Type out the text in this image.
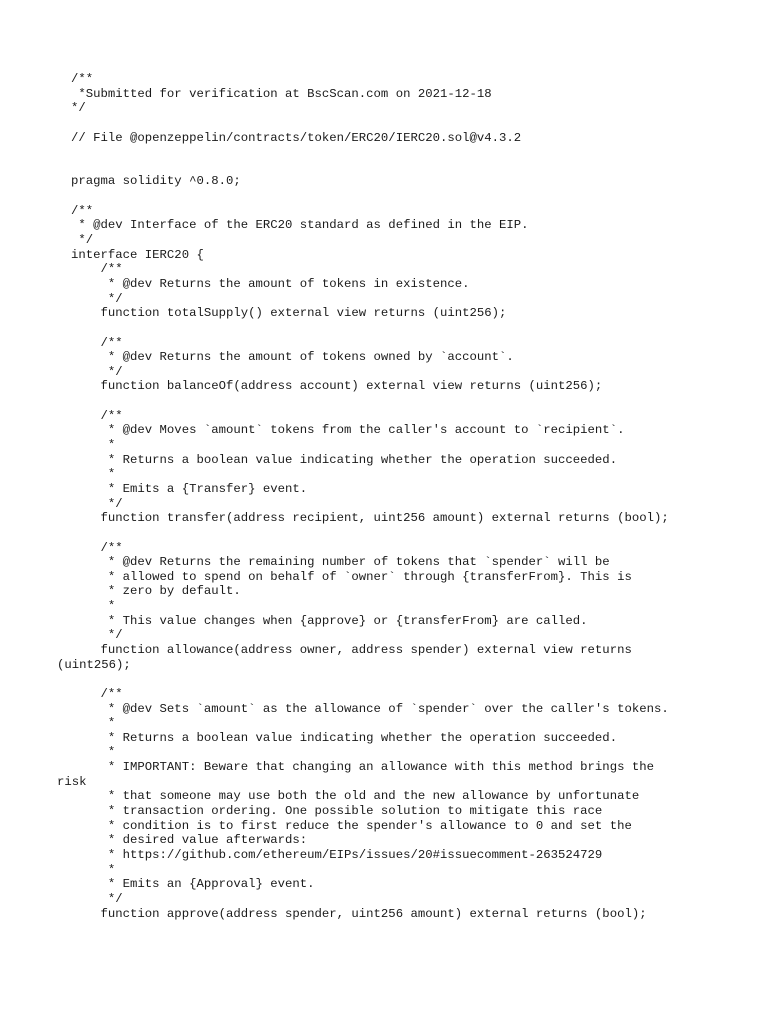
/**
*Submitted for verification at BscScan.com on 2021-12-18
*/
// File @openzeppelin/contracts/token/ERC20/IERC20.sol@v4.3.2
pragma solidity ^0.8.0;
/**
* @dev Interface of the ERC20 standard as defined in the EIP.
*/
interface IERC20 {
/**
* @dev Returns the amount of tokens in existence.
*/
function totalSupply() external view returns (uint256);
/**
* @dev Returns the amount of tokens owned by `account`.
*/
function balanceOf(address account) external view returns (uint256);
/**
* @dev Moves `amount` tokens from the caller's account to `recipient`.
*
* Returns a boolean value indicating whether the operation succeeded.
*
* Emits a {Transfer} event.
*/
function transfer(address recipient, uint256 amount) external returns (bool);
/**
* @dev Returns the remaining number of tokens that `spender` will be
* allowed to spend on behalf of `owner` through {transferFrom}. This is
* zero by default.
*
* This value changes when {approve} or {transferFrom} are called.
*/
function allowance(address owner, address spender) external view returns
(uint256);
/**
* @dev Sets `amount` as the allowance of `spender` over the caller's tokens.
*
* Returns a boolean value indicating whether the operation succeeded.
*
* IMPORTANT: Beware that changing an allowance with this method brings the
risk
* that someone may use both the old and the new allowance by unfortunate
* transaction ordering. One possible solution to mitigate this race
* condition is to first reduce the spender's allowance to 0 and set the
* desired value afterwards:
* https://github.com/ethereum/EIPs/issues/20#issuecomment-263524729
*
* Emits an {Approval} event.
*/
function approve(address spender, uint256 amount) external returns (bool);
